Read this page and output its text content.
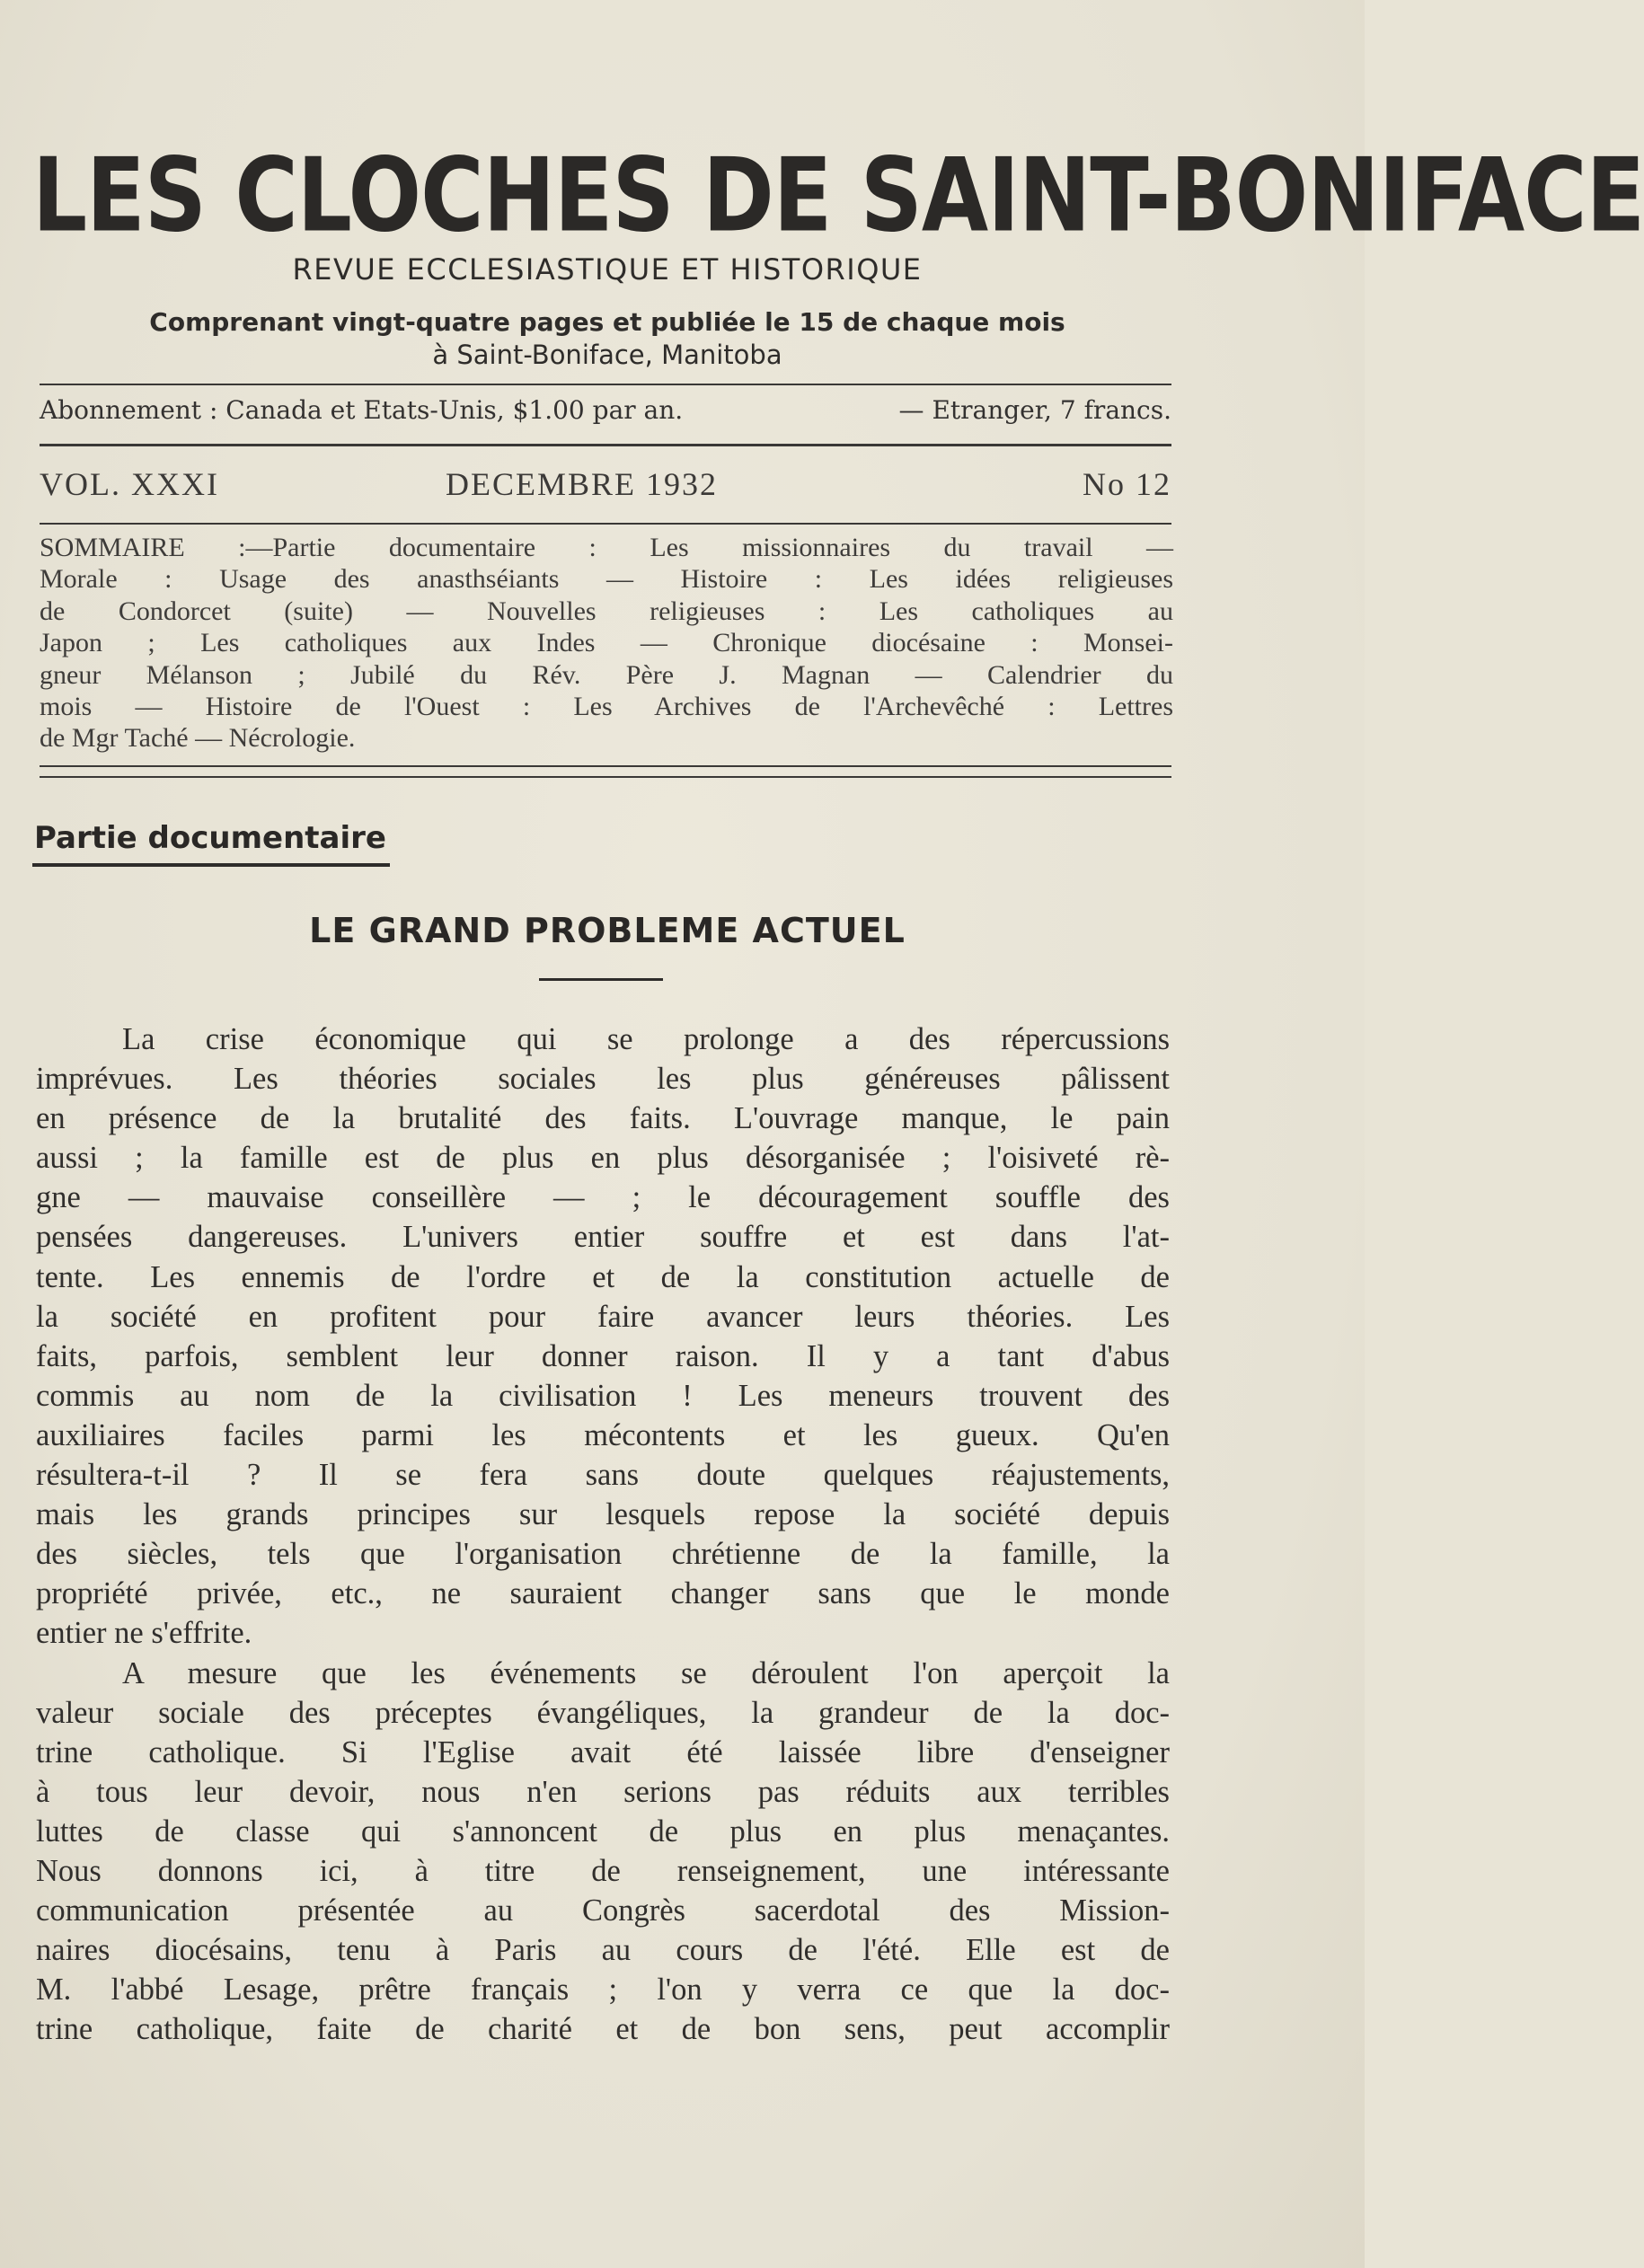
LES CLOCHES DE SAINT-BONIFACE
REVUE ECCLESIASTIQUE ET HISTORIQUE
Comprenant vingt-quatre pages et publiée le 15 de chaque mois
à Saint-Boniface, Manitoba
Abonnement : Canada et Etats-Unis, $1.00 par an.	— Etranger, 7 francs.
VOL. XXXI	DECEMBRE 1932	No 12
SOMMAIRE :—Partie documentaire : Les missionnaires du travail —
Morale : Usage des anasthséiants — Histoire : Les idées religieuses
de Condorcet (suite) — Nouvelles religieuses : Les catholiques au
Japon ; Les catholiques aux Indes — Chronique diocésaine : Monsei-
gneur Mélanson ; Jubilé du Rév. Père J. Magnan — Calendrier du
mois — Histoire de l'Ouest : Les Archives de l'Archevêché : Lettres
de Mgr Taché — Nécrologie.
Partie documentaire
LE GRAND PROBLEME ACTUEL
La crise économique qui se prolonge a des répercussions
imprévues. Les théories sociales les plus généreuses pâlissent
en présence de la brutalité des faits. L'ouvrage manque, le pain
aussi ; la famille est de plus en plus désorganisée ; l'oisiveté rè-
gne — mauvaise conseillère — ; le découragement souffle des
pensées dangereuses. L'univers entier souffre et est dans l'at-
tente. Les ennemis de l'ordre et de la constitution actuelle de
la société en profitent pour faire avancer leurs théories. Les
faits, parfois, semblent leur donner raison. Il y a tant d'abus
commis au nom de la civilisation ! Les meneurs trouvent des
auxiliaires faciles parmi les mécontents et les gueux. Qu'en
résultera-t-il ? Il se fera sans doute quelques réajustements,
mais les grands principes sur lesquels repose la société depuis
des siècles, tels que l'organisation chrétienne de la famille, la
propriété privée, etc., ne sauraient changer sans que le monde
entier ne s'effrite.
A mesure que les événements se déroulent l'on aperçoit la
valeur sociale des préceptes évangéliques, la grandeur de la doc-
trine catholique. Si l'Eglise avait été laissée libre d'enseigner
à tous leur devoir, nous n'en serions pas réduits aux terribles
luttes de classe qui s'annoncent de plus en plus menaçantes.
Nous donnons ici, à titre de renseignement, une intéressante
communication présentée au Congrès sacerdotal des Mission-
naires diocésains, tenu à Paris au cours de l'été. Elle est de
M. l'abbé Lesage, prêtre français ; l'on y verra ce que la doc-
trine catholique, faite de charité et de bon sens, peut accomplir
